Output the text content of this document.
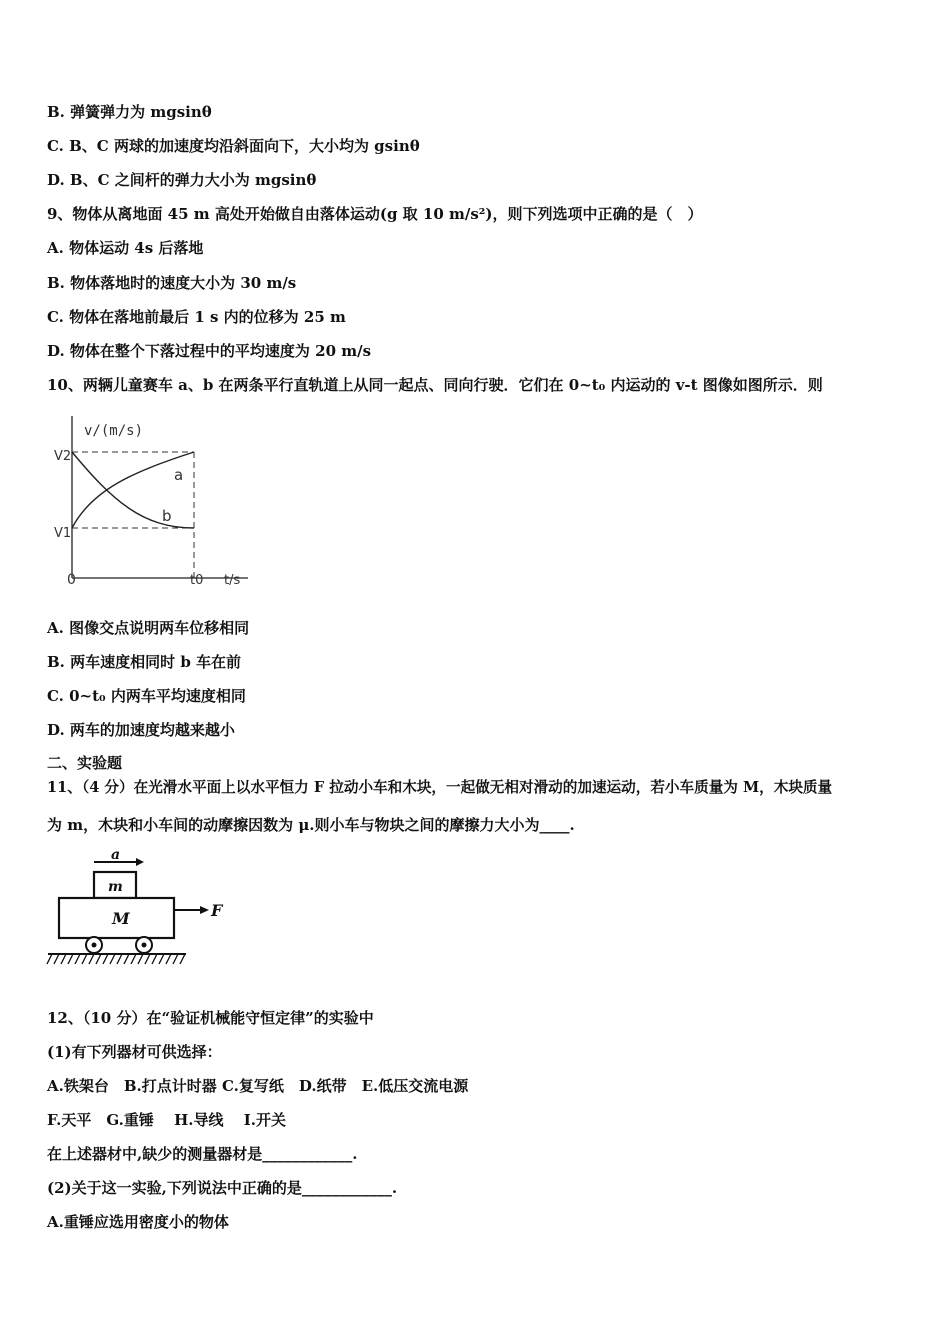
B. 弹簧弹力为 mgsinθ
C. B、C 两球的加速度均沿斜面向下，大小均为 gsinθ
D. B、C 之间杆的弹力大小为 mgsinθ
9、物体从离地面 45 m 高处开始做自由落体运动(g 取 10 m/s²)，则下列选项中正确的是（　）
A. 物体运动 4s 后落地
B. 物体落地时的速度大小为 30 m/s
C. 物体在落地前最后 1 s 内的位移为 25 m
D. 物体在整个下落过程中的平均速度为 20 m/s
10、两辆儿童赛车 a、b 在两条平行直轨道上从同一起点、同向行驶．它们在 0~t₀ 内运动的 v-t 图像如图所示．则
v/(m/s)
V2
V1
a
b
0	t0 t/s
A. 图像交点说明两车位移相同
B. 两车速度相同时 b 车在前
C. 0~t₀ 内两车平均速度相同
D. 两车的加速度均越来越小
二、实验题
11、（4 分）在光滑水平面上以水平恒力 F 拉动小车和木块，一起做无相对滑动的加速运动，若小车质量为 M，木块质量
为 m，木块和小车间的动摩擦因数为 μ.则小车与物块之间的摩擦力大小为____.
a
m
M	F
12、（10 分）在“验证机械能守恒定律”的实验中
(1)有下列器材可供选择：
A.铁架台　B.打点计时器 C.复写纸　D.纸带　E.低压交流电源
F.天平　G.重锤　 H.导线　 I.开关
在上述器材中,缺少的测量器材是____________.
(2)关于这一实验,下列说法中正确的是____________.
A.重锤应选用密度小的物体
